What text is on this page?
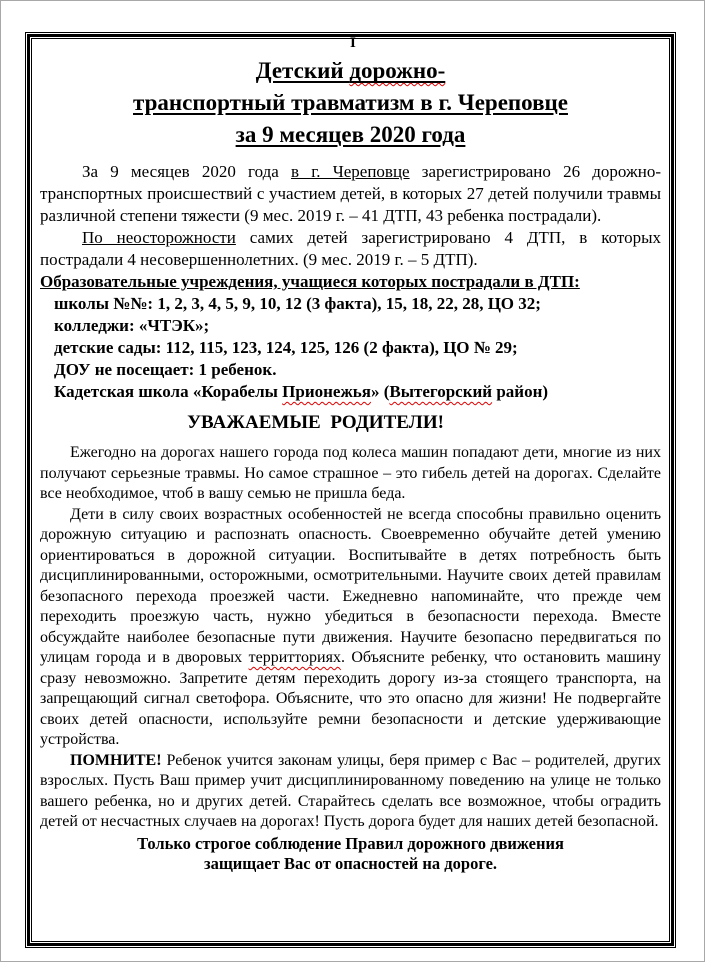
I
Детский дорожно-
транспортный травматизм в г. Череповце
за 9 месяцев 2020 года

За 9 месяцев 2020 года в г. Череповце зарегистрировано 26 дорожно-транспортных происшествий с участием детей, в которых 27 детей получили травмы различной степени тяжести (9 мес. 2019 г. – 41 ДТП, 43 ребенка пострадали).

По неосторожности самих детей зарегистрировано 4 ДТП, в которых пострадали 4 несовершеннолетних. (9 мес. 2019 г. – 5 ДТП).

Образовательные учреждения, учащиеся которых пострадали в ДТП:

школы №№: 1, 2, 3, 4, 5, 9, 10, 12 (3 факта), 15, 18, 22, 28, ЦО 32;

колледжи: «ЧТЭК»;

детские сады: 112, 115, 123, 124, 125, 126 (2 факта), ЦО № 29;

ДОУ не посещает: 1 ребенок.

Кадетская школа «Корабелы Прионежья» (Вытегорский район)

УВАЖАЕМЫЕ РОДИТЕЛИ!

Ежегодно на дорогах нашего города под колеса машин попадают дети, многие из них получают серьезные травмы. Но самое страшное – это гибель детей на дорогах. Сделайте все необходимое, чтоб в вашу семью не пришла беда.

Дети в силу своих возрастных особенностей не всегда способны правильно оценить дорожную ситуацию и распознать опасность. Своевременно обучайте детей умению ориентироваться в дорожной ситуации. Воспитывайте в детях потребность быть дисциплинированными, осторожными, осмотрительными. Научите своих детей правилам безопасного перехода проезжей части. Ежедневно напоминайте, что прежде чем переходить проезжую часть, нужно убедиться в безопасности перехода. Вместе обсуждайте наиболее безопасные пути движения. Научите безопасно передвигаться по улицам города и в дворовых территториях. Объясните ребенку, что остановить машину сразу невозможно. Запретите детям переходить дорогу из-за стоящего транспорта, на запрещающий сигнал светофора. Объясните, что это опасно для жизни! Не подвергайте своих детей опасности, используйте ремни безопасности и детские удерживающие устройства.

ПОМНИТЕ! Ребенок учится законам улицы, беря пример с Вас – родителей, других взрослых. Пусть Ваш пример учит дисциплинированному поведению на улице не только вашего ребенка, но и других детей. Старайтесь сделать все возможное, чтобы оградить детей от несчастных случаев на дорогах! Пусть дорога будет для наших детей безопасной.

Только строгое соблюдение Правил дорожного движения
защищает Вас от опасностей на дороге.
